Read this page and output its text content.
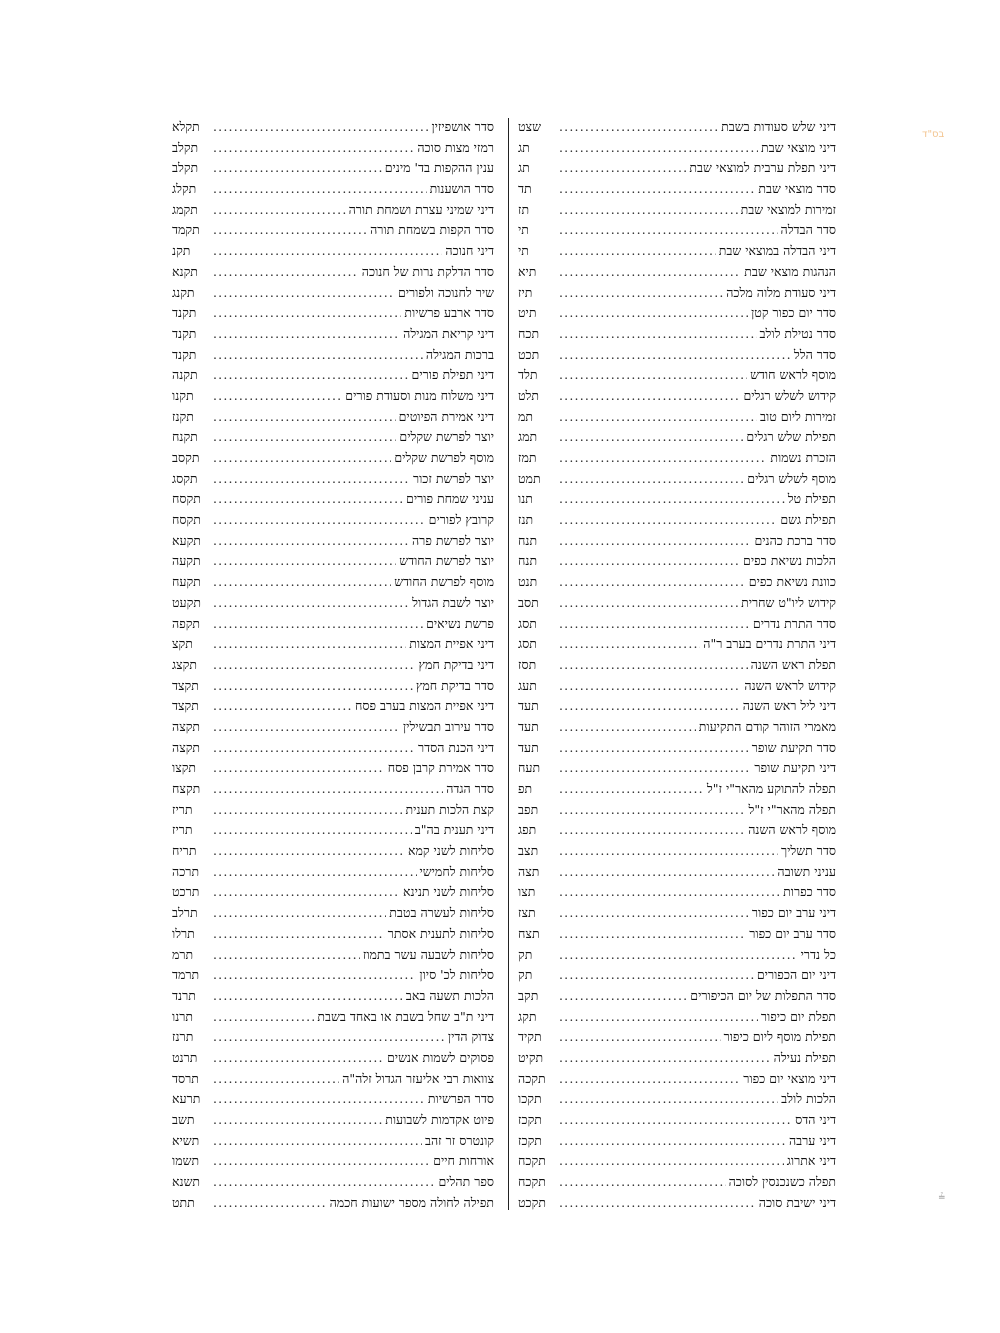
בס"ד
דיני שלש סעודות בשבת
.....
שצט
דיני מוצאי שבת
.....
תג
דיני תפלת ערבית למוצאי שבת
.....
תג
סדר מוצאי שבת
.....
תד
זמירות למוצאי שבת
.....
תז
סדר הבדלה
.....
תי
דיני הבדלה במוצאי שבת
.....
תי
הנהגות מוצאי שבת
.....
תיא
דיני סעודת מלוה מלכה
.....
תיז
סדר יום כפור קטן
.....
תיט
סדר נטילת לולב
.....
תכח
סדר הלל
.....
תכט
מוסף לראש חודש
.....
תלד
קידוש לשלש רגלים
.....
תלט
זמירות ליום טוב
.....
תמ
תפילת שלש רגלים
.....
תמג
הזכרת נשמות
.....
תמז
מוסף לשלש רגלים
.....
תמט
תפילת טל
.....
תנו
תפילת גשם
.....
תנז
סדר ברכת כהנים
.....
תנח
הלכות נשיאת כפים
.....
תנח
כוונת נשיאת כפים
.....
תנט
קידוש ליו"ט שחרית
.....
תסב
סדר התרת נדרים
.....
תסג
דיני התרת נדרים בערב ר"ה
.....
תסג
תפלת ראש השנה
.....
תסז
קידוש לראש השנה
.....
תעג
דיני ליל ראש השנה
.....
תעד
מאמרי הזוהר קודם התקיעות
.....
תעד
סדר תקיעת שופר
.....
תעד
דיני תקיעת שופר
.....
תעח
תפלה להתוקע מהאר"י ז"ל
.....
תפ
תפלה מהאר"י ז"ל
.....
תפב
מוסף לראש השנה
.....
תפג
סדר תשליך
.....
תצב
עניני תשובה
.....
תצה
סדר כפרות
.....
תצו
דיני ערב יום כפור
.....
תצז
סדר ערב יום כפור
.....
תצח
כל נדרי
.....
תק
דיני יום הכפורים
.....
תק
סדר התפלות של יום הכיפורים
.....
תקב
תפלת יום כיפור
.....
תקג
תפילת מוסף ליום כיפור
.....
תקיד
תפילת נעילה
.....
תקיט
דיני מוצאי יום כפור
.....
תקכה
הלכות לולב
.....
תקכו
דיני הדס
.....
תקכז
דיני ערבה
.....
תקכז
דיני אתרוג
.....
תקכח
תפלה כשנכנסין לסוכה
.....
תקכח
דיני ישיבת סוכה
.....
תקכט
סדר אושפיזין
.....
תקלא
רמזי מצות סוכה
.....
תקלב
ענין ההקפות בד' מינים
.....
תקלב
סדר הושענות
.....
תקלג
דיני שמיני עצרת ושמחת תורה
.....
תקמג
סדר הקפות בשמחת תורה
.....
תקמד
דיני חנוכה
.....
תקנ
סדר הדלקת נרות של חנוכה
.....
תקנא
שיר לחנוכה ולפורים
.....
תקנג
סדר ארבע פרשיות
.....
תקנד
דיני קריאת המגילה
.....
תקנד
ברכות המגילה
.....
תקנד
דיני תפילת פורים
.....
תקנה
דיני משלוח מנות וסעודת פורים
.....
תקנו
דיני אמירת הפיוטים
.....
תקנז
יוצר לפרשת שקלים
.....
תקנח
מוסף לפרשת שקלים
.....
תקסב
יוצר לפרשת זכור
.....
תקסג
עניני שמחת פורים
.....
תקסח
קרובץ לפורים
.....
תקסח
יוצר לפרשת פרה
.....
תקעא
יוצר לפרשת החודש
.....
תקעה
מוסף לפרשת החודש
.....
תקעח
יוצר לשבת הגדול
.....
תקעט
פרשת נשיאים
.....
תקפה
דיני אפיית המצות
.....
תקצ
דיני בדיקת חמץ
.....
תקצג
סדר בדיקת חמץ
.....
תקצד
דיני אפיית המצות בערב פסח
.....
תקצד
סדר עירוב תבשילין
.....
תקצה
דיני הכנת הסדר
.....
תקצה
סדר אמירת קרבן פסח
.....
תקצו
סדר הגדה
.....
תקצח
קצת הלכות תענית
.....
תריז
דיני תענית בה"ב
.....
תריז
סליחות לשני קמא
.....
תריח
סליחות לחמישי
.....
תרכה
סליחות לשני תנינא
.....
תרכט
סליחות לעשרה בטבת
.....
תרלב
סליחות לתענית אסתר
.....
תרלו
סליחות לשבעה עשר בתמוז
.....
תרמ
סליחות לכ' סיון
.....
תרמד
הלכות תשעה באב
.....
תרנד
דיני ת"ב שחל בשבת או באחד בשבת
.....
תרנו
צדוק הדין
.....
תרנז
פסוקים לשמות אנשים
.....
תרנט
צוואות רבי אליעזר הגדול זלה"ה
.....
תרסד
סדר הפרשיות
.....
תרעא
פיוט אקדמות לשבועות
.....
תשב
קונטרס זר זהב
.....
תשיא
אורחות חיים
.....
תשמו
ספר תהלים
.....
תשנא
תפילה לחולה מספר ישועות חכמה
.....
תתט	≟
